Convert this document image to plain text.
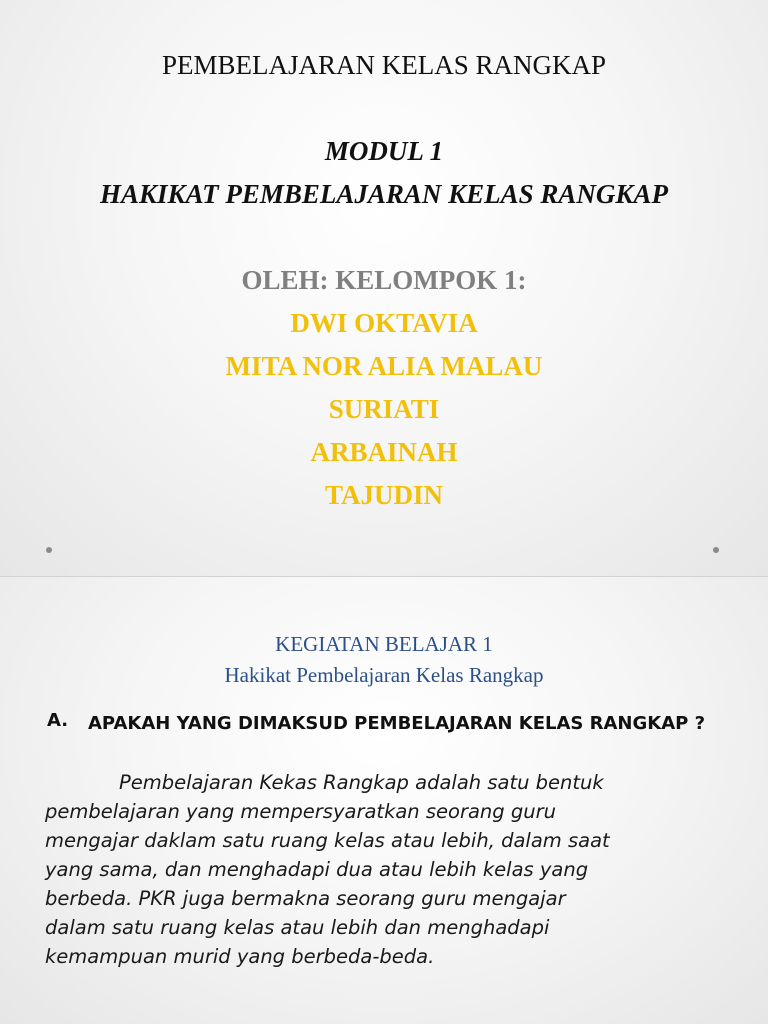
PEMBELAJARAN KELAS RANGKAP
MODUL 1
HAKIKAT PEMBELAJARAN KELAS RANGKAP
OLEH: KELOMPOK 1:
DWI OKTAVIA
MITA NOR ALIA MALAU
SURIATI
ARBAINAH
TAJUDIN
KEGIATAN BELAJAR 1
Hakikat Pembelajaran Kelas Rangkap
A. APAKAH YANG DIMAKSUD PEMBELAJARAN KELAS RANGKAP ?
Pembelajaran Kekas Rangkap adalah satu bentuk
pembelajaran yang mempersyaratkan seorang guru
mengajar daklam satu ruang kelas atau lebih, dalam saat
yang sama, dan menghadapi dua atau lebih kelas yang
berbeda. PKR juga bermakna seorang guru mengajar
dalam satu ruang kelas atau lebih dan menghadapi
kemampuan murid yang berbeda-beda.
